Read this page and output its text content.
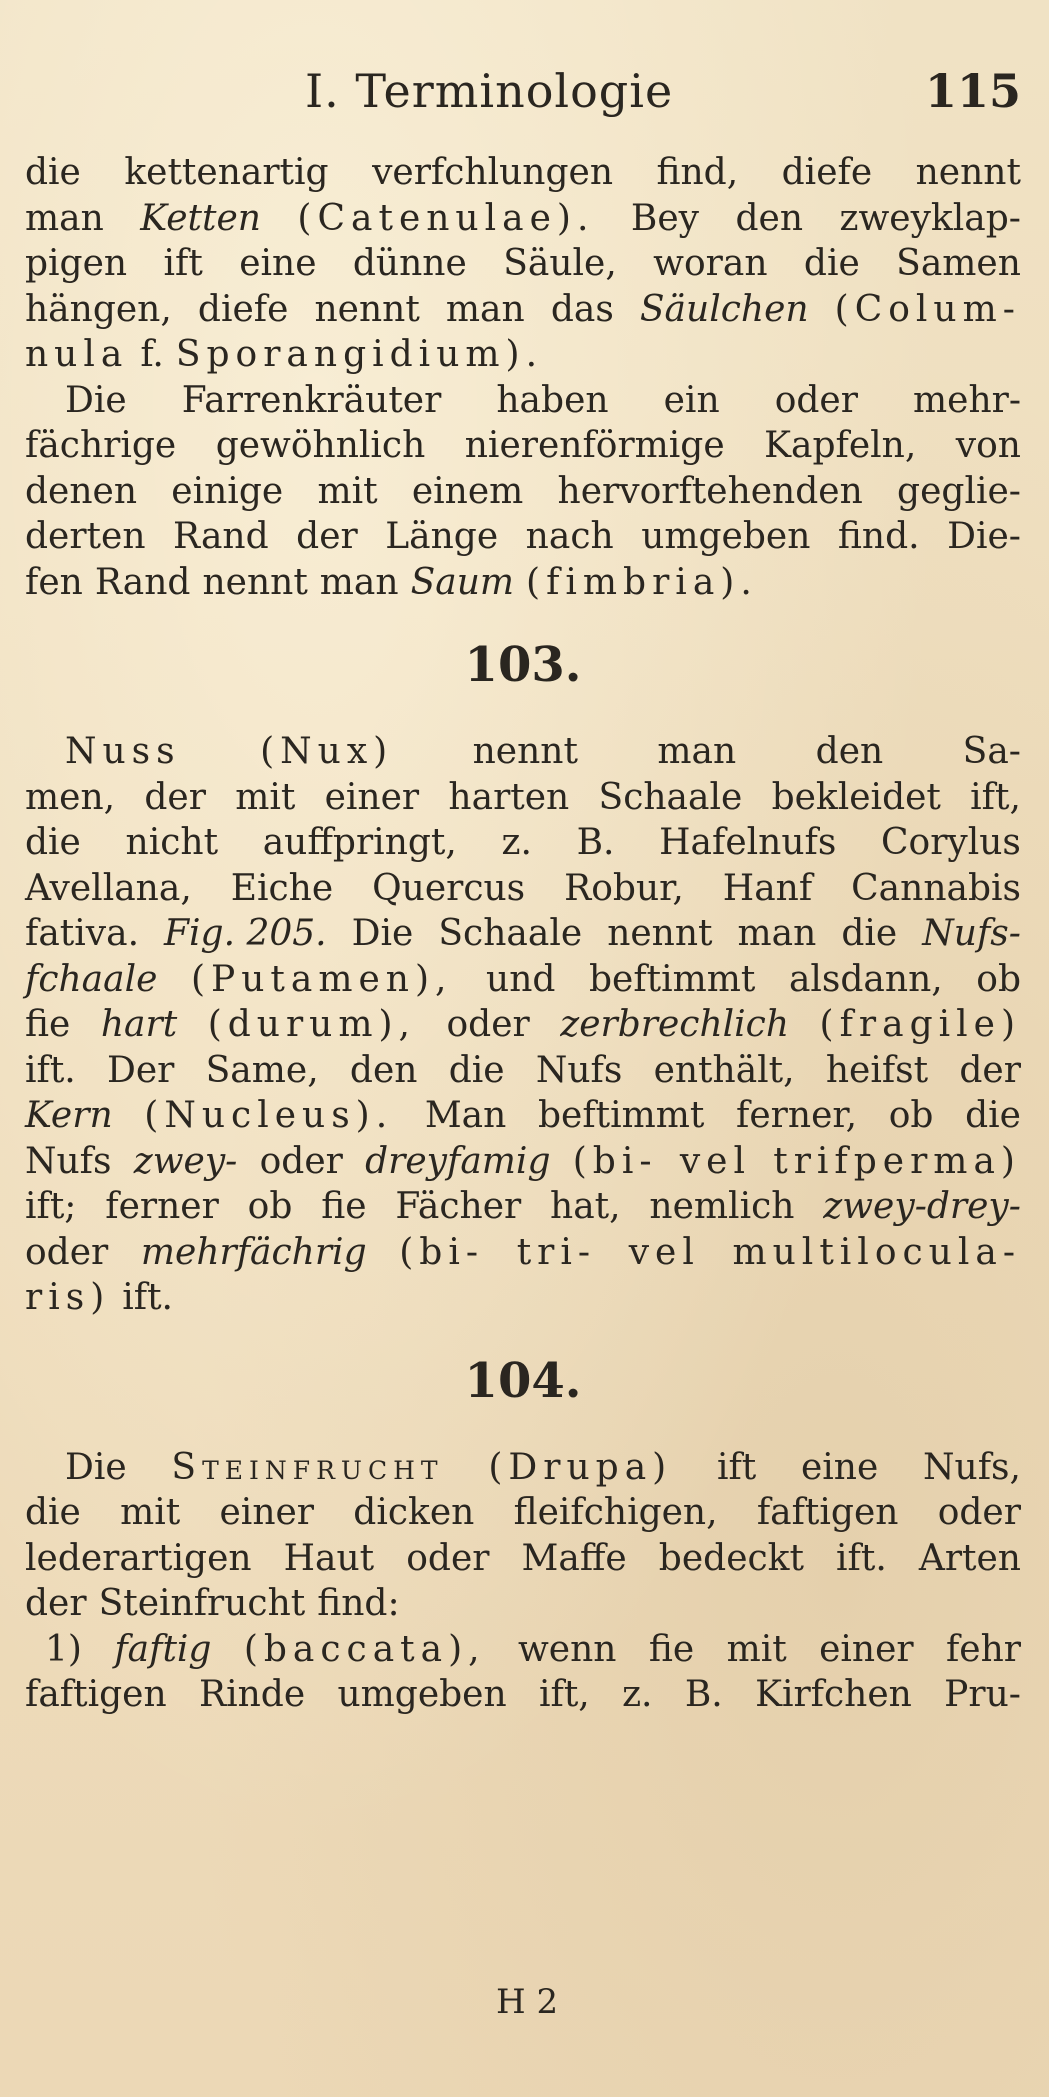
I. Terminologie	115
die kettenartig verfchlungen find, diefe nennt
man Ketten (Catenulae). Bey den zweyklap-
pigen ift eine dünne Säule, woran die Samen
hängen, diefe nennt man das Säulchen (Colum-
nula f. Sporangidium).
Die Farrenkräuter haben ein oder mehr-
fächrige gewöhnlich nierenförmige Kapfeln, von
denen einige mit einem hervorftehenden geglie-
derten Rand der Länge nach umgeben find. Die-
fen Rand nennt man Saum (fimbria).
103.
Nuss (Nux) nennt man den Sa-
men, der mit einer harten Schaale bekleidet ift,
die nicht auffpringt, z. B. Hafelnufs Corylus
Avellana, Eiche Quercus Robur, Hanf Cannabis
fativa. Fig. 205. Die Schaale nennt man die Nufs-
fchaale (Putamen), und beftimmt alsdann, ob
fie hart (durum), oder zerbrechlich (fragile)
ift. Der Same, den die Nufs enthält, heifst der
Kern (Nucleus). Man beftimmt ferner, ob die
Nufs zwey- oder dreyfamig (bi- vel trifperma)
ift; ferner ob fie Fächer hat, nemlich zwey-drey-
oder mehrfächrig (bi- tri- vel multilocula-
ris) ift.
104.
Die Steinfrucht (Drupa) ift eine Nufs,
die mit einer dicken fleifchigen, faftigen oder
lederartigen Haut oder Maffe bedeckt ift. Arten
der Steinfrucht find:
1) faftig (baccata), wenn fie mit einer fehr
faftigen Rinde umgeben ift, z. B. Kirfchen Pru-
H 2
